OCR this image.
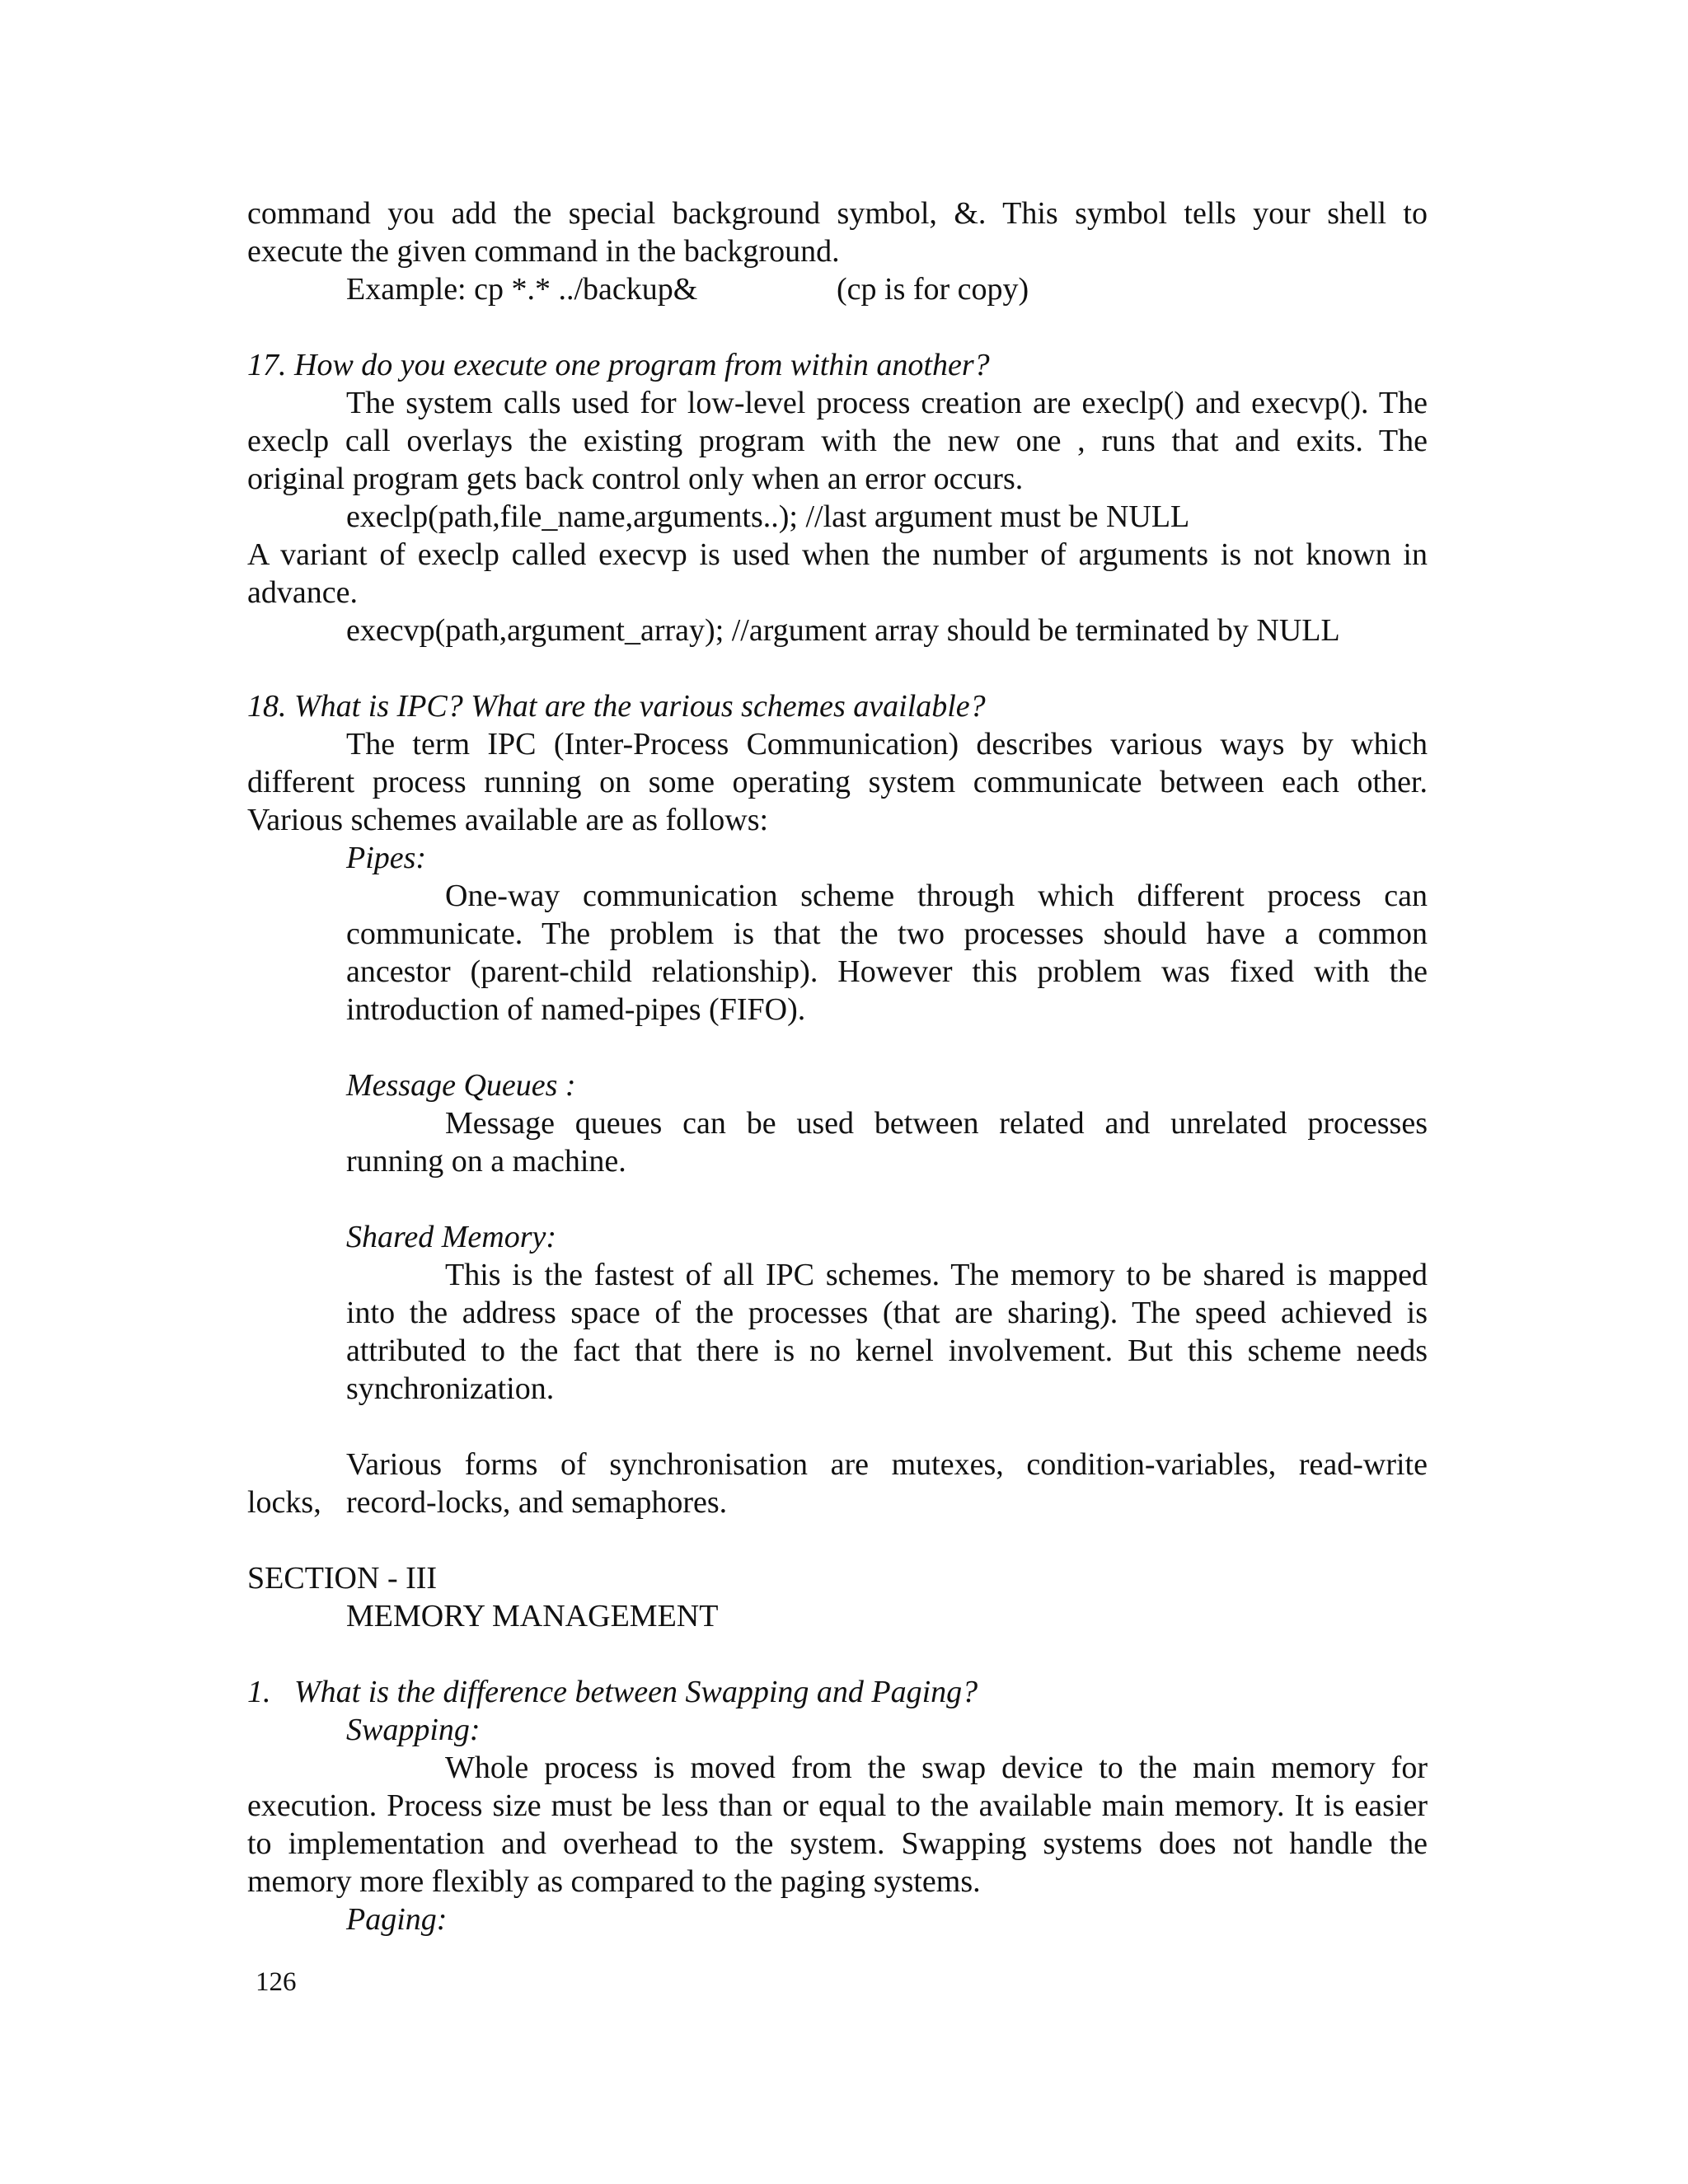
command you add the special background symbol, &. This symbol tells your shell to
execute the given command in the background.
Example: cp *.* ../backup&	(cp is for copy)
17. How do you execute one program from within another?
The system calls used for low-level process creation are execlp() and execvp(). The
execlp call overlays the existing program with the new one , runs that and exits. The
original program gets back control only when an error occurs.
execlp(path,file_name,arguments..); //last argument must be NULL
A variant of execlp called execvp is used when the number of arguments is not known in
advance.
execvp(path,argument_array); //argument array should be terminated by NULL
18. What is IPC? What are the various schemes available?
The term IPC (Inter-Process Communication) describes various ways by which
different process running on some operating system communicate between each other.
Various schemes available are as follows:
Pipes:
One-way communication scheme through which different process can
communicate. The problem is that the two processes should have a common
ancestor (parent-child relationship). However this problem was fixed with the
introduction of named-pipes (FIFO).
Message Queues :
Message queues can be used between related and unrelated processes
running on a machine.
Shared Memory:
This is the fastest of all IPC schemes. The memory to be shared is mapped
into the address space of the processes (that are sharing). The speed achieved is
attributed to the fact that there is no kernel involvement. But this scheme needs
synchronization.
Various forms of synchronisation are mutexes, condition-variables, read-write
locks, record-locks, and semaphores.
SECTION - III
MEMORY MANAGEMENT
1.   What is the difference between Swapping and Paging?
Swapping:
Whole process is moved from the swap device to the main memory for
execution. Process size must be less than or equal to the available main memory. It is easier
to implementation and overhead to the system. Swapping systems does not handle the
memory more flexibly as compared to the paging systems.
Paging:
126
